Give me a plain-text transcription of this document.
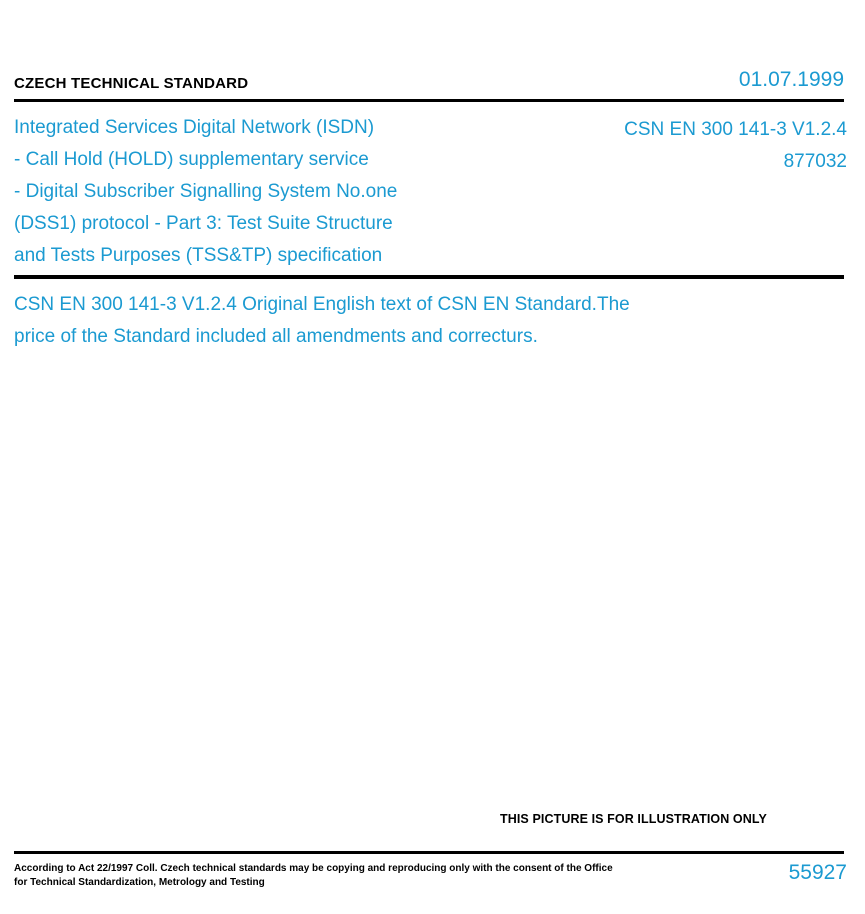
CZECH TECHNICAL STANDARD	01.07.1999
Integrated Services Digital Network (ISDN)
- Call Hold (HOLD) supplementary service
- Digital Subscriber Signalling System No.one
(DSS1) protocol - Part 3: Test Suite Structure
and Tests Purposes (TSS&TP) specification
CSN EN 300 141-3 V1.2.4
877032
CSN EN 300 141-3 V1.2.4 Original English text of CSN EN Standard.The
price of the Standard included all amendments and correcturs.
THIS PICTURE IS FOR ILLUSTRATION ONLY
According to Act 22/1997 Coll. Czech technical standards may be copying and reproducing only with the consent of the Office
for Technical Standardization, Metrology and Testing	55927
